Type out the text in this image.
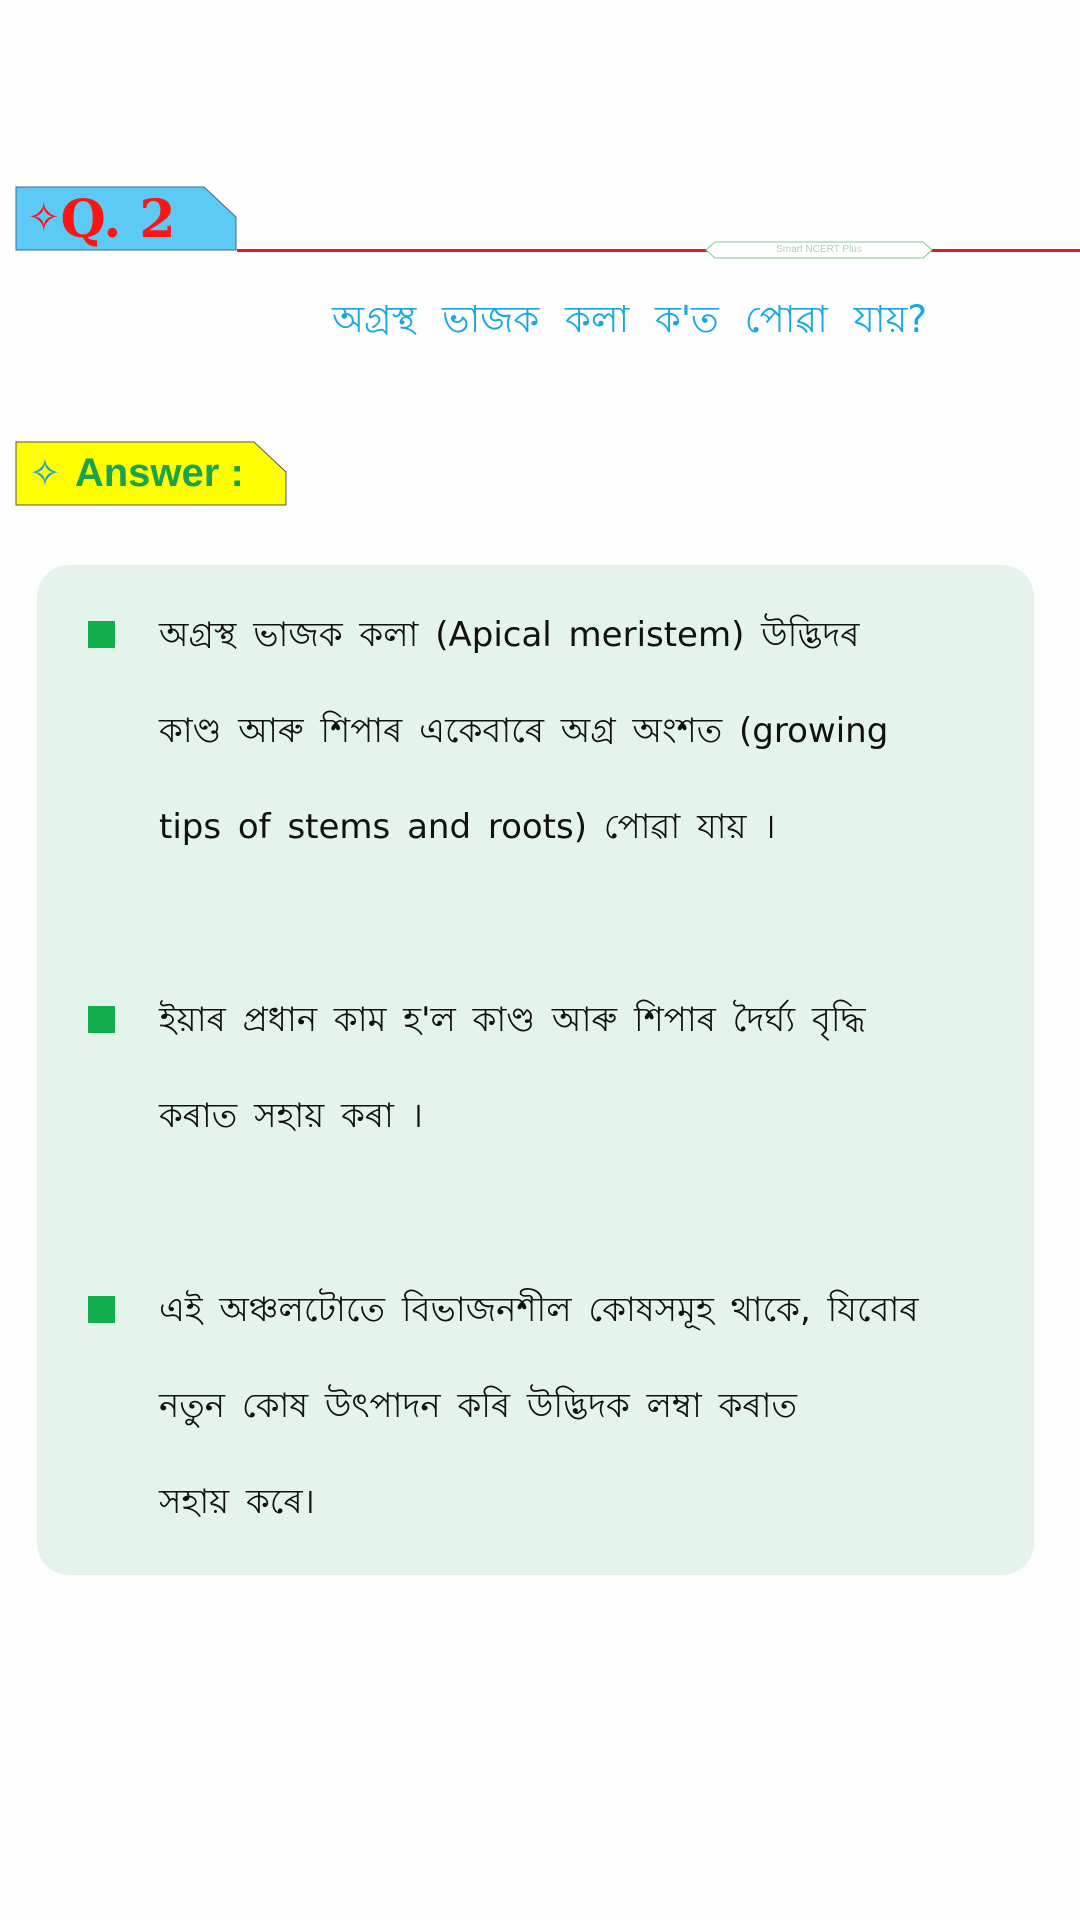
✧Q. 2	Smart NCERT Plus
অগ্রস্থ ভাজক কলা ক'ত পোৱা যায়?
✧ Answer :
অগ্রস্থ ভাজক কলা (Apical meristem) উদ্ভিদৰ
কাণ্ড আৰু শিপাৰ একেবাৰে অগ্র অংশত (growing
tips of stems and roots) পোৱা যায় ।
ইয়াৰ প্ৰধান কাম হ'ল কাণ্ড আৰু শিপাৰ দৈৰ্ঘ্য বৃদ্ধি
কৰাত সহায় কৰা ।
এই অঞ্চলটোতে বিভাজনশীল কোষসমূহ থাকে, যিবোৰ
নতুন কোষ উৎপাদন কৰি উদ্ভিদক লম্বা কৰাত
সহায় কৰে।
